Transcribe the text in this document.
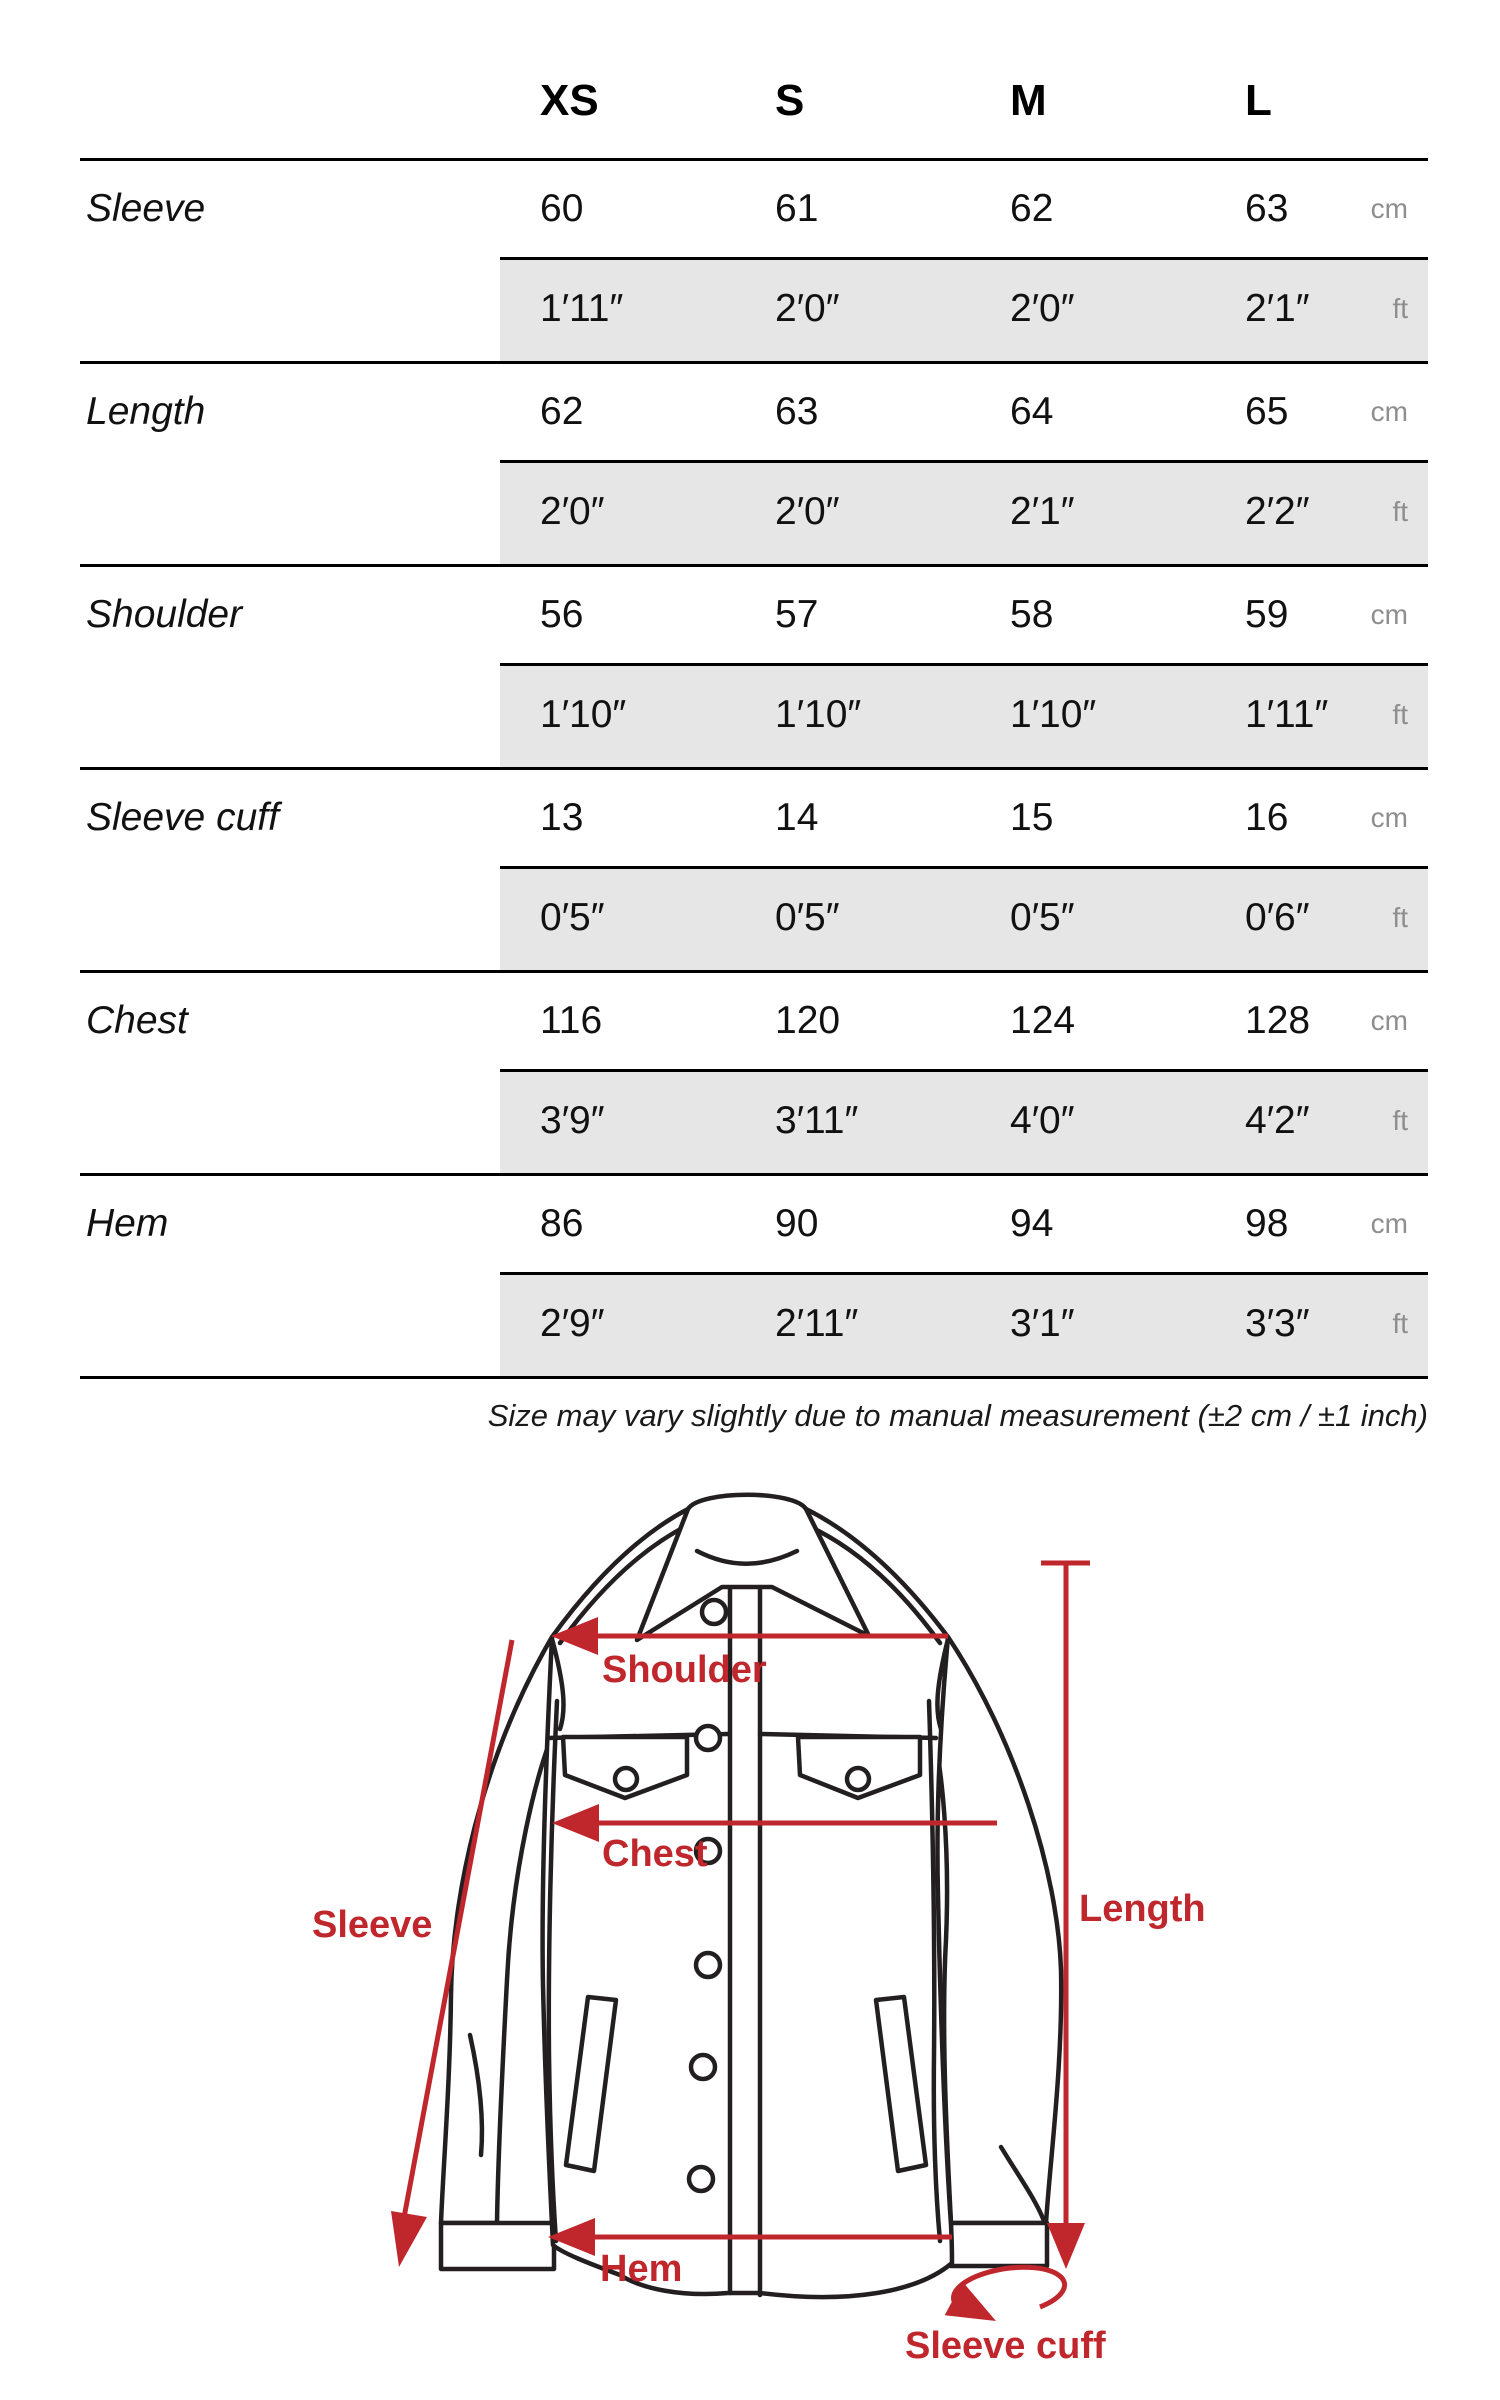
XS	S	M	L
Sleeve	60	61	62	63	cm
1′11″	2′0″	2′0″	2′1″	ft
Length	62	63	64	65	cm
2′0″	2′0″	2′1″	2′2″	ft
Shoulder	56	57	58	59	cm
1′10″	1′10″	1′10″	1′11″ ft
Sleeve cuff	13	14	15	16	cm
0′5″	0′5″	0′5″	0′6″	ft
Chest	116	120	124	128 cm
3′9″	3′11″	4′0″	4′2″	ft
Hem	86	90	94	98	cm
2′9″	2′11″	3′1″	3′3″	ft
Size may vary slightly due to manual measurement (±2 cm / ±1 inch)
Shoulder
Chest
Sleeve	Length
Hem
Sleeve cuff
